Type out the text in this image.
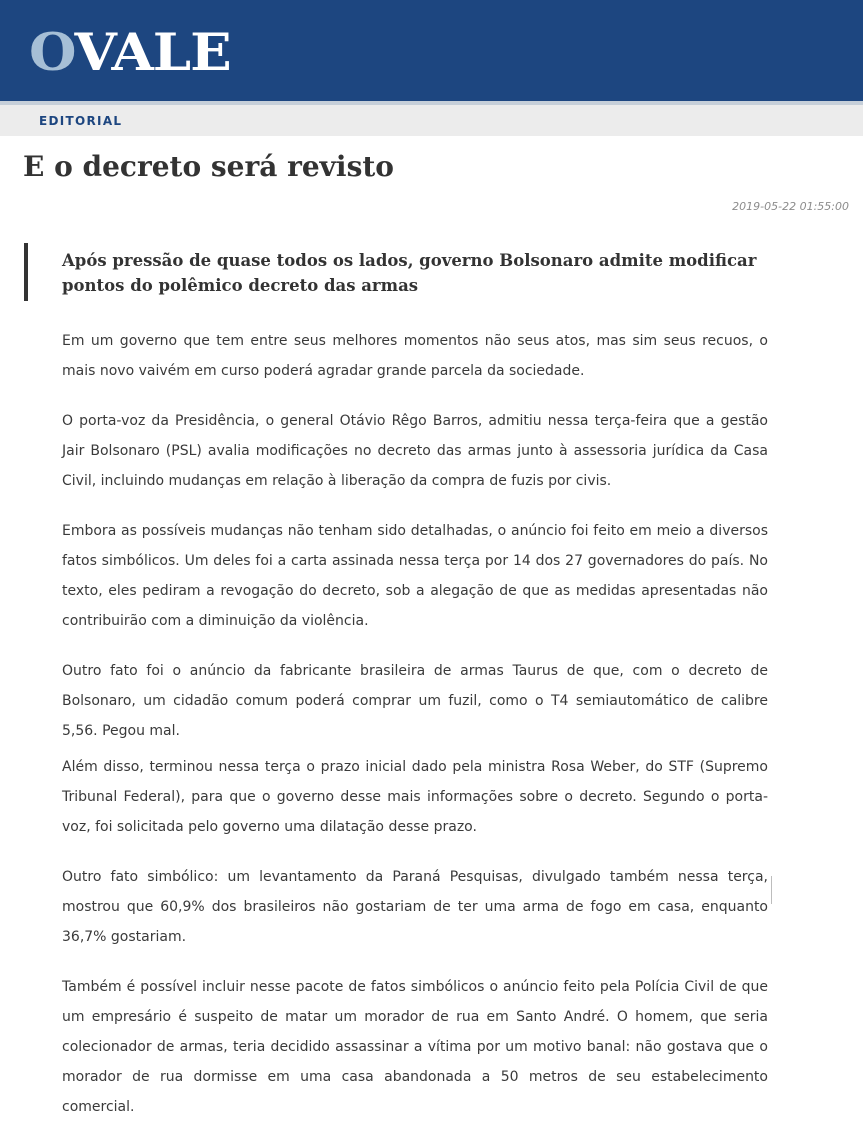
OVALE
EDITORIAL
E o decreto será revisto
2019-05-22 01:55:00

Após pressão de quase todos os lados, governo Bolsonaro admite modificar pontos do polêmico decreto das armas

Em um governo que tem entre seus melhores momentos não seus atos, mas sim seus recuos, o mais novo vaivém em curso poderá agradar grande parcela da sociedade.

O porta-voz da Presidência, o general Otávio Rêgo Barros, admitiu nessa terça-feira que a gestão Jair Bolsonaro (PSL) avalia modificações no decreto das armas junto à assessoria jurídica da Casa Civil, incluindo mudanças em relação à liberação da compra de fuzis por civis.

Embora as possíveis mudanças não tenham sido detalhadas, o anúncio foi feito em meio a diversos fatos simbólicos. Um deles foi a carta assinada nessa terça por 14 dos 27 governadores do país. No texto, eles pediram a revogação do decreto, sob a alegação de que as medidas apresentadas não contribuirão com a diminuição da violência.

Outro fato foi o anúncio da fabricante brasileira de armas Taurus de que, com o decreto de Bolsonaro, um cidadão comum poderá comprar um fuzil, como o T4 semiautomático de calibre 5,56. Pegou mal.

Além disso, terminou nessa terça o prazo inicial dado pela ministra Rosa Weber, do STF (Supremo Tribunal Federal), para que o governo desse mais informações sobre o decreto. Segundo o porta-voz, foi solicitada pelo governo uma dilatação desse prazo.

Outro fato simbólico: um levantamento da Paraná Pesquisas, divulgado também nessa terça, mostrou que 60,9% dos brasileiros não gostariam de ter uma arma de fogo em casa, enquanto 36,7% gostariam.

Também é possível incluir nesse pacote de fatos simbólicos o anúncio feito pela Polícia Civil de que um empresário é suspeito de matar um morador de rua em Santo André. O homem, que seria colecionador de armas, teria decidido assassinar a vítima por um motivo banal: não gostava que o morador de rua dormisse em uma casa abandonada a 50 metros de seu estabelecimento comercial.
